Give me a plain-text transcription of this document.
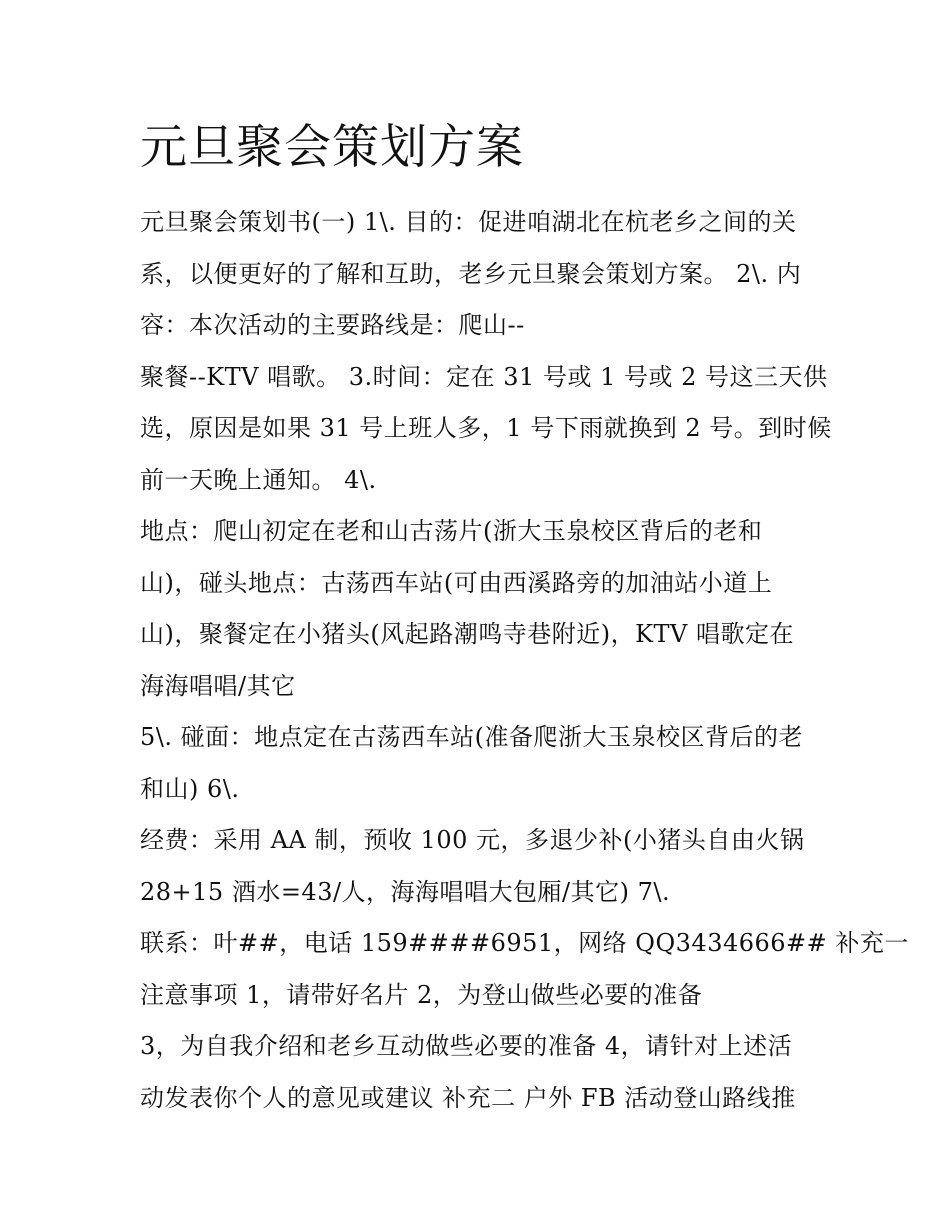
元旦聚会策划方案
元旦聚会策划书(一) 1\. 目的：促进咱湖北在杭老乡之间的关
系，以便更好的了解和互助，老乡元旦聚会策划方案。 2\. 内
容：本次活动的主要路线是：爬山--
聚餐--KTV 唱歌。 3.时间：定在 31 号或 1 号或 2 号这三天供
选，原因是如果 31 号上班人多，1 号下雨就换到 2 号。到时候
前一天晚上通知。 4\.
地点：爬山初定在老和山古荡片(浙大玉泉校区背后的老和
山)，碰头地点：古荡西车站(可由西溪路旁的加油站小道上
山)，聚餐定在小猪头(风起路潮鸣寺巷附近)，KTV 唱歌定在
海海唱唱/其它
5\. 碰面：地点定在古荡西车站(准备爬浙大玉泉校区背后的老
和山) 6\.
经费：采用 AA 制，预收 100 元，多退少补(小猪头自由火锅
28+15 酒水=43/人，海海唱唱大包厢/其它) 7\.
联系：叶##，电话 159####6951，网络 QQ3434666## 补充一
注意事项 1，请带好名片 2，为登山做些必要的准备
3，为自我介绍和老乡互动做些必要的准备 4，请针对上述活
动发表你个人的意见或建议 补充二 户外 FB 活动登山路线推
